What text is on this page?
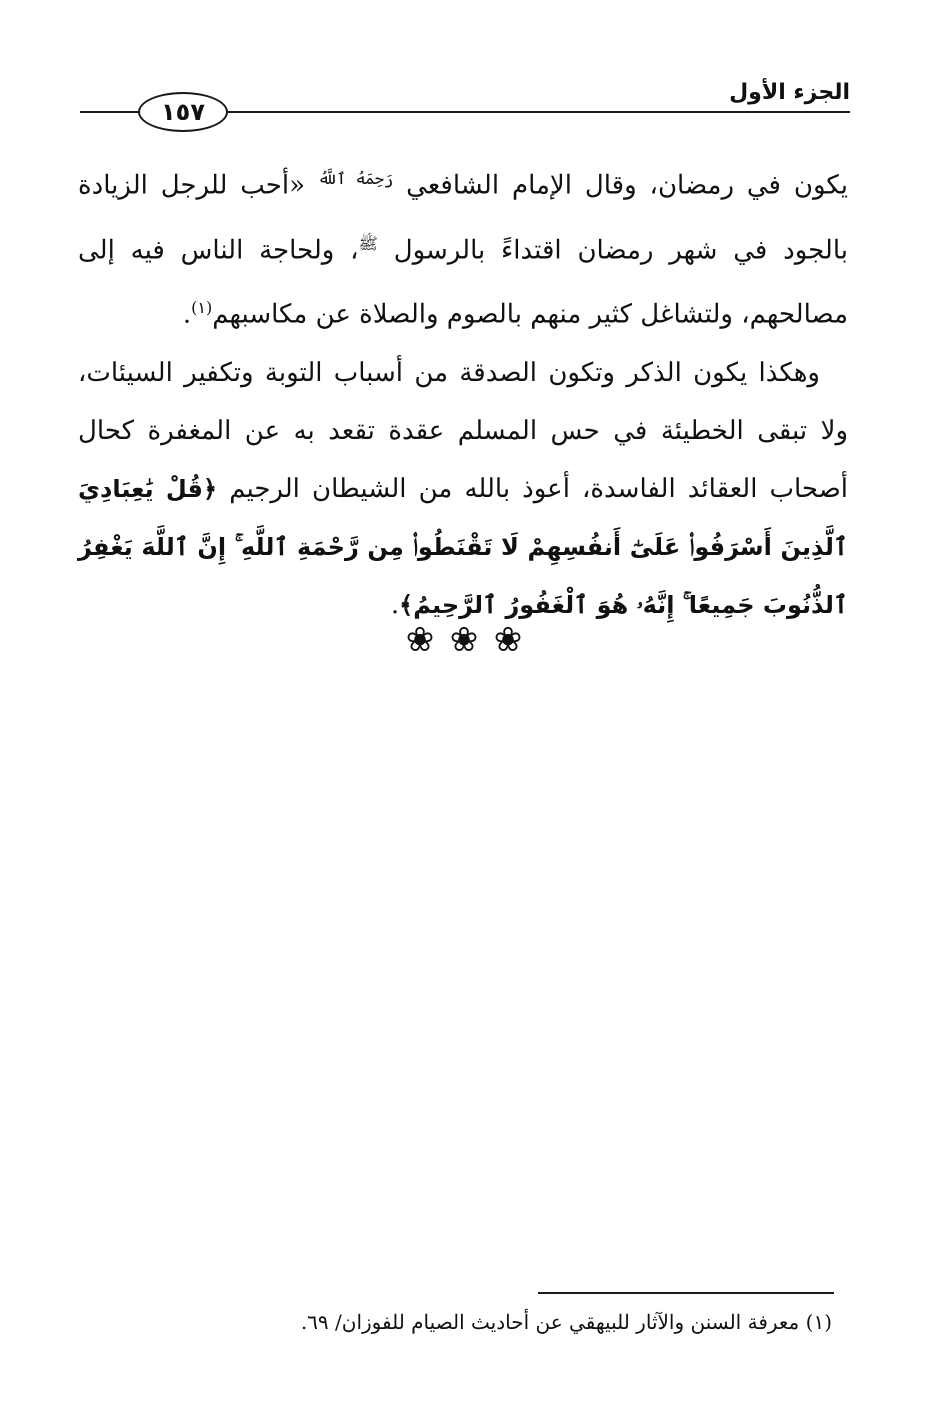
الجزء الأول
١٥٧

يكون في رمضان، وقال الإمام الشافعي $^{رَحِمَهُ ٱللَّهُ}$ «أحب للرجل الزيادة بالجود في شهر رمضان اقتداءً بالرسول $^ﷺ$، ولحاجة الناس فيه إلى مصالحهم، ولتشاغل كثير منهم بالصوم والصلاة عن مكاسبهم$^{(١)}$.

وهكذا يكون الذكر وتكون الصدقة من أسباب التوبة وتكفير السيئات، ولا تبقى الخطيئة في حس المسلم عقدة تقعد به عن المغفرة كحال أصحاب العقائد الفاسدة، أعوذ بالله من الشيطان الرجيم ﴿قُلْ يَٰعِبَادِيَ ٱلَّذِينَ أَسْرَفُوا۟ عَلَىٰٓ أَنفُسِهِمْ لَا تَقْنَطُوا۟ مِن رَّحْمَةِ ٱللَّهِ ۚ إِنَّ ٱللَّهَ يَغْفِرُ ٱلذُّنُوبَ جَمِيعًا ۚ إِنَّهُۥ هُوَ ٱلْغَفُورُ ٱلرَّحِيمُ﴾.

❀ ❀ ❀
(١) معرفة السنن والآثار للبيهقي عن أحاديث الصيام للفوزان/ ٦٩.
